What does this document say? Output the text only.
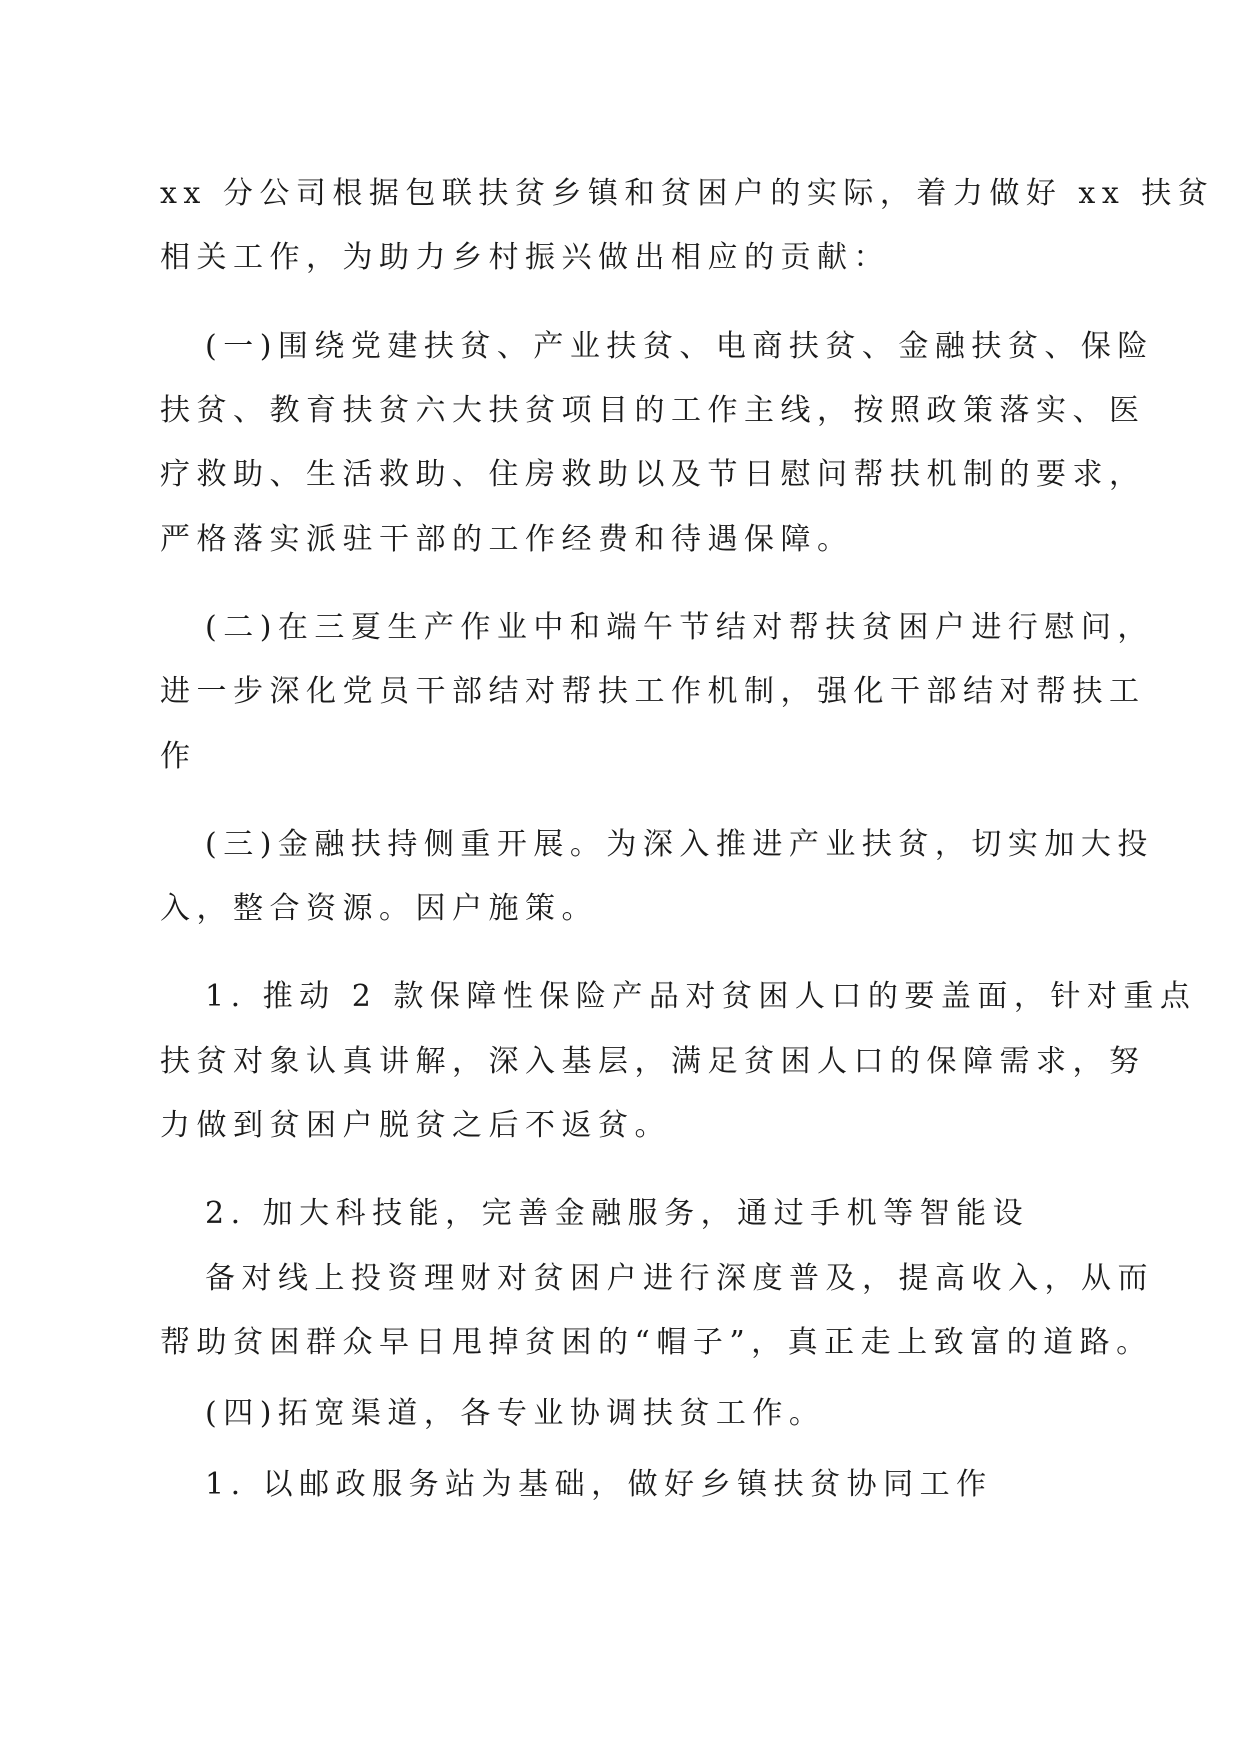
xx 分公司根据包联扶贫乡镇和贫困户的实际，着力做好 xx 扶贫
相关工作，为助力乡村振兴做出相应的贡献：
(一)围绕党建扶贫、产业扶贫、电商扶贫、金融扶贫、保险
扶贫、教育扶贫六大扶贫项目的工作主线，按照政策落实、医
疗救助、生活救助、住房救助以及节日慰问帮扶机制的要求，
严格落实派驻干部的工作经费和待遇保障。
(二)在三夏生产作业中和端午节结对帮扶贫困户进行慰问，
进一步深化党员干部结对帮扶工作机制，强化干部结对帮扶工
作
(三)金融扶持侧重开展。为深入推进产业扶贫，切实加大投
入，整合资源。因户施策。
1. 推动 2 款保障性保险产品对贫困人口的要盖面，针对重点
扶贫对象认真讲解，深入基层，满足贫困人口的保障需求，努
力做到贫困户脱贫之后不返贫。
2. 加大科技能，完善金融服务，通过手机等智能设
备对线上投资理财对贫困户进行深度普及，提高收入，从而
帮助贫困群众早日甩掉贫困的“帽子”，真正走上致富的道路。
(四)拓宽渠道，各专业协调扶贫工作。
1. 以邮政服务站为基础，做好乡镇扶贫协同工作
